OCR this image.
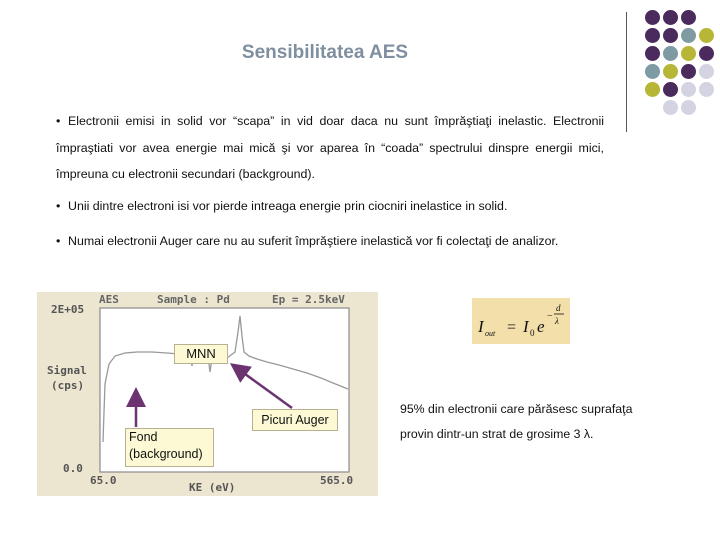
Sensibilitatea AES
• Electronii emisi in solid vor “scapa” in vid doar daca nu sunt împrăştiaţi inelastic. Electronii împraştiati vor avea energie mai mică şi vor aparea în “coada” spectrului dinspre energii mici, împreuna cu electronii secundari (background).
• Unii dintre electroni isi vor pierde intreaga energie prin ciocniri inelastice in solid.
• Numai electronii Auger care nu au suferit împrăştiere inelastică vor fi colectaţi de analizor.
AES	Sample : Pd	Ep = 2.5keV
2E+05
Signal
(cps)
0.0
65.0
KE (eV)
565.0
I out = I 0 e
−
d
λ
MNN
Picuri Auger
Fond
(background)
95% din electronii care părăsesc suprafaţa
provin dintr-un strat de grosime 3 λ.
